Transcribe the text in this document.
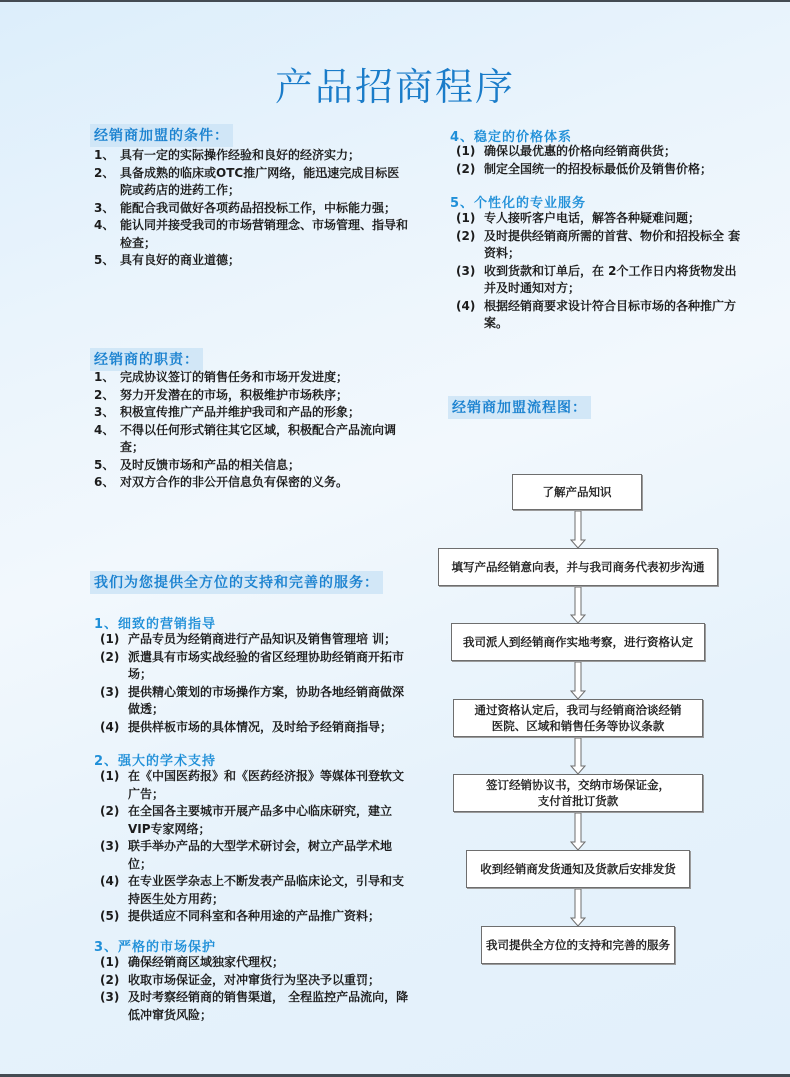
产品招商程序
经销商加盟的条件：
1、 具有一定的实际操作经验和良好的经济实力；
2、 具备成熟的临床或OTC推广网络，能迅速完成目标医院或药店的进药工作；
3、 能配合我司做好各项药品招投标工作，中标能力强；
4、 能认同并接受我司的市场营销理念、市场管理、指导和检查；
5、 具有良好的商业道德；
经销商的职责：
1、 完成协议签订的销售任务和市场开发进度；
2、 努力开发潜在的市场，积极维护市场秩序；
3、 积极宣传推广产品并维护我司和产品的形象；
4、 不得以任何形式销往其它区域，积极配合产品流向调查；
5、 及时反馈市场和产品的相关信息；
6、 对双方合作的非公开信息负有保密的义务。
我们为您提供全方位的支持和完善的服务：
1、细致的营销指导
(1) 产品专员为经销商进行产品知识及销售管理培 训；
(2) 派遣具有市场实战经验的省区经理协助经销商开拓市场；
(3) 提供精心策划的市场操作方案，协助各地经销商做深做透；
(4) 提供样板市场的具体情况，及时给予经销商指导；
2、强大的学术支持
(1) 在《中国医药报》和《医药经济报》等媒体刊登软文广告；
(2) 在全国各主要城市开展产品多中心临床研究，建立VIP专家网络；
(3) 联手举办产品的大型学术研讨会，树立产品学术地位；
(4) 在专业医学杂志上不断发表产品临床论文，引导和支持医生处方用药；
(5) 提供适应不同科室和各种用途的产品推广资料；
3、严格的市场保护
(1) 确保经销商区域独家代理权；
(2) 收取市场保证金，对冲窜货行为坚决予以重罚；
(3) 及时考察经销商的销售渠道， 全程监控产品流向，降低冲窜货风险；
4、稳定的价格体系
(1) 确保以最优惠的价格向经销商供货；
(2) 制定全国统一的招投标最低价及销售价格；
5、个性化的专业服务
(1) 专人接听客户电话，解答各种疑难问题；
(2) 及时提供经销商所需的首营、物价和招投标全 套资料；
(3) 收到货款和订单后，在 2个工作日内将货物发出并及时通知对方；
(4) 根据经销商要求设计符合目标市场的各种推广方案。
经销商加盟流程图：
了解产品知识
填写产品经销意向表，并与我司商务代表初步沟通
我司派人到经销商作实地考察，进行资格认定
通过资格认定后，我司与经销商洽谈经销
医院、区域和销售任务等协议条款
签订经销协议书，交纳市场保证金，
支付首批订货款
收到经销商发货通知及货款后安排发货
我司提供全方位的支持和完善的服务
